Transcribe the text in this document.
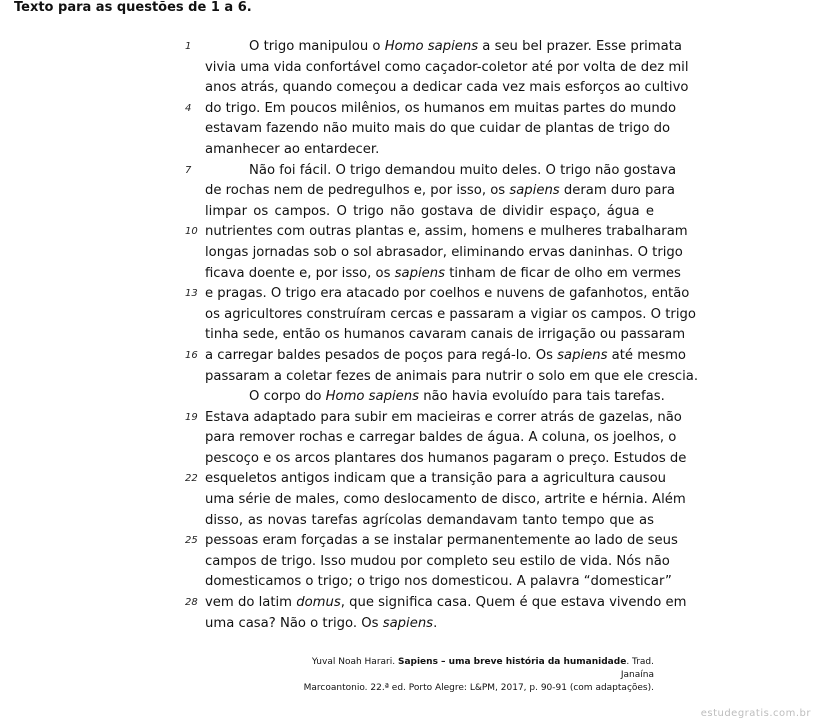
Texto para as questões de 1 a 6.
1	O trigo manipulou o Homo sapiens a seu bel prazer. Esse primata
vivia uma vida confortável como caçador-coletor até por volta de dez mil
anos atrás, quando começou a dedicar cada vez mais esforços ao cultivo
4	do trigo. Em poucos milênios, os humanos em muitas partes do mundo
estavam fazendo não muito mais do que cuidar de plantas de trigo do
amanhecer ao entardecer.
7	Não foi fácil. O trigo demandou muito deles. O trigo não gostava
de rochas nem de pedregulhos e, por isso, os sapiens deram duro para
limpar os campos. O trigo não gostava de dividir espaço, água e
10 nutrientes com outras plantas e, assim, homens e mulheres trabalharam
longas jornadas sob o sol abrasador, eliminando ervas daninhas. O trigo
ficava doente e, por isso, os sapiens tinham de ficar de olho em vermes
13 e pragas. O trigo era atacado por coelhos e nuvens de gafanhotos, então
os agricultores construíram cercas e passaram a vigiar os campos. O trigo
tinha sede, então os humanos cavaram canais de irrigação ou passaram
16 a carregar baldes pesados de poços para regá-lo. Os sapiens até mesmo
passaram a coletar fezes de animais para nutrir o solo em que ele crescia.
O corpo do Homo sapiens não havia evoluído para tais tarefas.
19 Estava adaptado para subir em macieiras e correr atrás de gazelas, não
para remover rochas e carregar baldes de água. A coluna, os joelhos, o
pescoço e os arcos plantares dos humanos pagaram o preço. Estudos de
22 esqueletos antigos indicam que a transição para a agricultura causou
uma série de males, como deslocamento de disco, artrite e hérnia. Além
disso, as novas tarefas agrícolas demandavam tanto tempo que as
25 pessoas eram forçadas a se instalar permanentemente ao lado de seus
campos de trigo. Isso mudou por completo seu estilo de vida. Nós não
domesticamos o trigo; o trigo nos domesticou. A palavra “domesticar”
28 vem do latim domus, que significa casa. Quem é que estava vivendo em
uma casa? Não o trigo. Os sapiens.
Yuval Noah Harari. Sapiens – uma breve história da humanidade. Trad. Janaína
Marcoantonio. 22.ª ed. Porto Alegre: L&PM, 2017, p. 90-91 (com adaptações).
estudegratis.com.br
